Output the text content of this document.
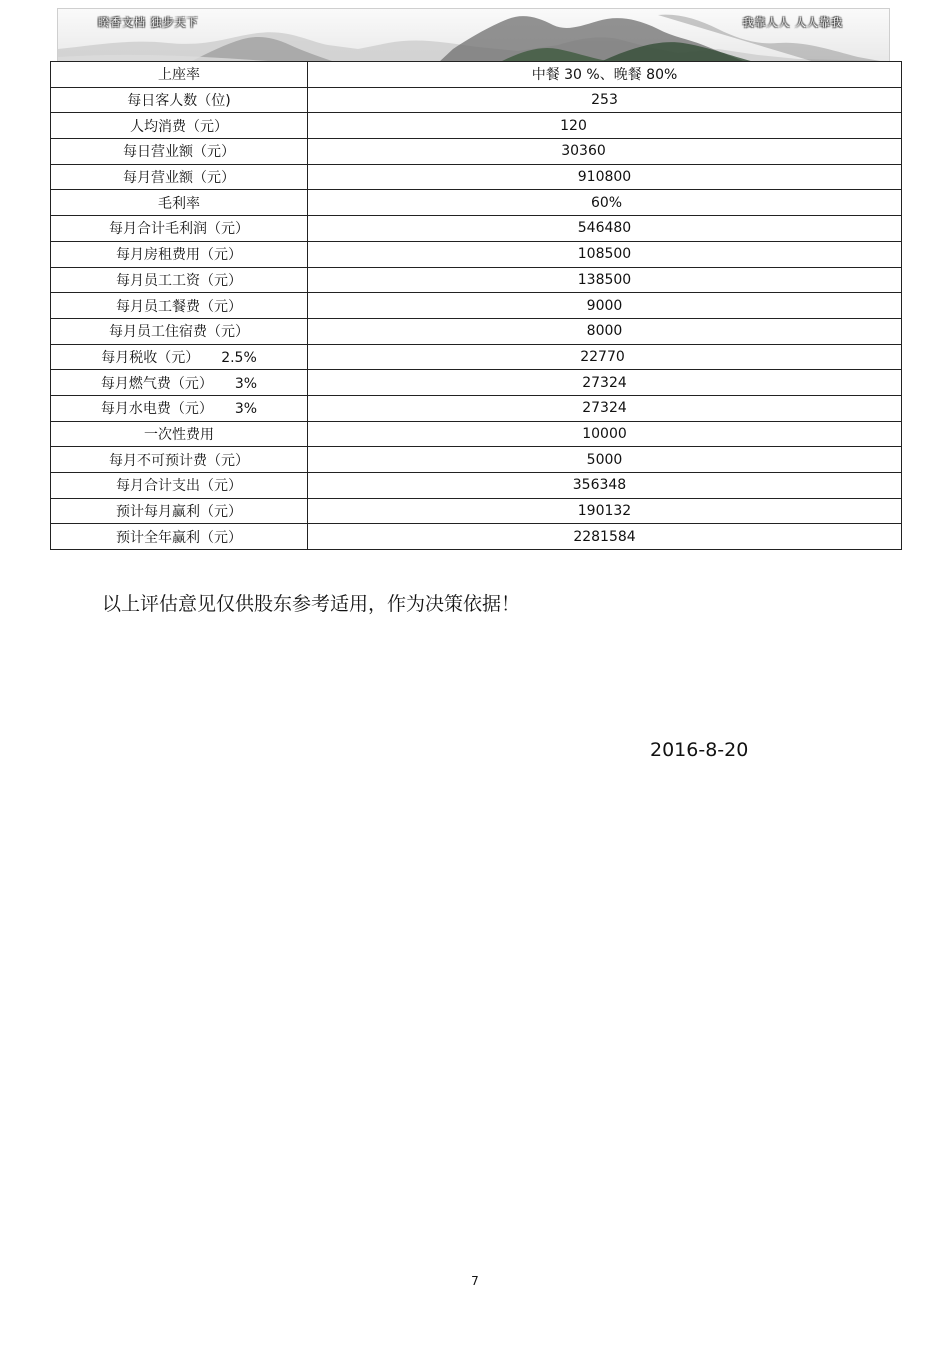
睽香文档 独步天下	我靠人人 人人靠我
上座率	中餐 30 %、晚餐 80%
每日客人数（位)	253
人均消费（元）	120
每日营业额（元）	30360
每月营业额（元）	910800
毛利率	60%
每月合计毛利润（元）	546480
每月房租费用（元）	108500
每月员工工资（元）	138500
每月员工餐费（元）	9000
每月员工住宿费（元）	8000
每月税收（元） 2.5%	22770
每月燃气费（元） 3%	27324
每月水电费（元） 3%	27324
一次性费用	10000
每月不可预计费（元）	5000
每月合计支出（元）	356348
预计每月赢利（元）	190132
预计全年赢利（元）	2281584
以上评估意见仅供股东参考适用，作为决策依据！
2016-8-20
7
